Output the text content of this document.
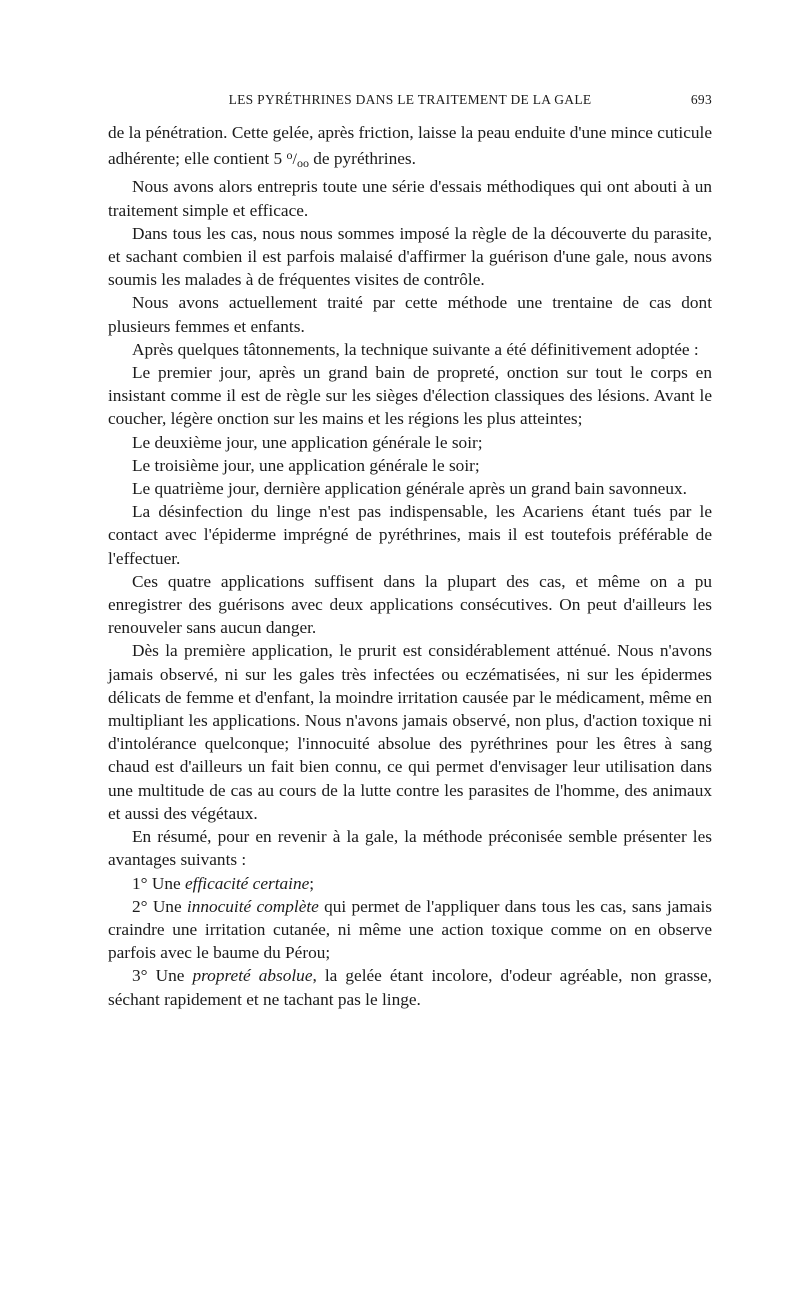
LES PYRÉTHRINES DANS LE TRAITEMENT DE LA GALE	693

de la pénétration. Cette gelée, après friction, laisse la peau enduite d'une mince cuticule adhérente; elle contient 5 $^o$/oo de pyréthrines.

Nous avons alors entrepris toute une série d'essais méthodiques qui ont abouti à un traitement simple et efficace.

Dans tous les cas, nous nous sommes imposé la règle de la découverte du parasite, et sachant combien il est parfois malaisé d'affirmer la guérison d'une gale, nous avons soumis les malades à de fréquentes visites de contrôle.

Nous avons actuellement traité par cette méthode une trentaine de cas dont plusieurs femmes et enfants.

Après quelques tâtonnements, la technique suivante a été définitivement adoptée :

Le premier jour, après un grand bain de propreté, onction sur tout le corps en insistant comme il est de règle sur les sièges d'élection classiques des lésions. Avant le coucher, légère onction sur les mains et les régions les plus atteintes;

Le deuxième jour, une application générale le soir;

Le troisième jour, une application générale le soir;

Le quatrième jour, dernière application générale après un grand bain savonneux.

La désinfection du linge n'est pas indispensable, les Acariens étant tués par le contact avec l'épiderme imprégné de pyréthrines, mais il est toutefois préférable de l'effectuer.

Ces quatre applications suffisent dans la plupart des cas, et même on a pu enregistrer des guérisons avec deux applications consécutives. On peut d'ailleurs les renouveler sans aucun danger.

Dès la première application, le prurit est considérablement atténué. Nous n'avons jamais observé, ni sur les gales très infectées ou eczématisées, ni sur les épidermes délicats de femme et d'enfant, la moindre irritation causée par le médicament, même en multipliant les applications. Nous n'avons jamais observé, non plus, d'action toxique ni d'intolérance quelconque; l'innocuité absolue des pyréthrines pour les êtres à sang chaud est d'ailleurs un fait bien connu, ce qui permet d'envisager leur utilisation dans une multitude de cas au cours de la lutte contre les parasites de l'homme, des animaux et aussi des végétaux.

En résumé, pour en revenir à la gale, la méthode préconisée semble présenter les avantages suivants :

1° Une efficacité certaine;

2° Une innocuité complète qui permet de l'appliquer dans tous les cas, sans jamais craindre une irritation cutanée, ni même une action toxique comme on en observe parfois avec le baume du Pérou;

3° Une propreté absolue, la gelée étant incolore, d'odeur agréable, non grasse, séchant rapidement et ne tachant pas le linge.
